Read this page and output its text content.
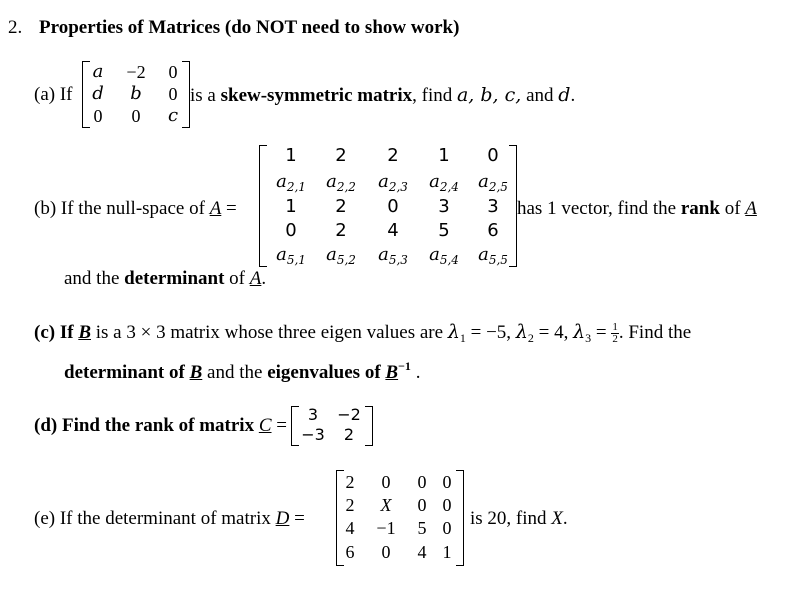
2. Properties of Matrices (do NOT need to show work)
(a) If
a	−2	0
d	b	0
0	0	c
is a skew-symmetric matrix, find a, b, c, and d.
(b) If the null-space of A =
1	2	2	1	0
$a_{2,1}$	$a_{2,2}$	$a_{2,3}$	$a_{2,4}$	$a_{2,5}$
1	2	0	3	3
0	2	4	5	6
$a_{5,1}$	$a_{5,2}$	$a_{5,3}$	$a_{5,4}$	$a_{5,5}$
has 1 vector, find the rank of A
and the determinant of A.
(c) If B is a 3 × 3 matrix whose three eigen values are $\lambda_1 = -5$, $\lambda_2 = 4$, $\lambda_3 = \frac{1}{2}$ . Find the
determinant of B and the eigenvalues of $B^{-1}$ .
(d) Find the rank of matrix C =
3	−2
−3	2
(e) If the determinant of matrix D =
2	0	0 0
2	X	0 0
4	−1	5 0
6	0	4 1
is 20, find X.
